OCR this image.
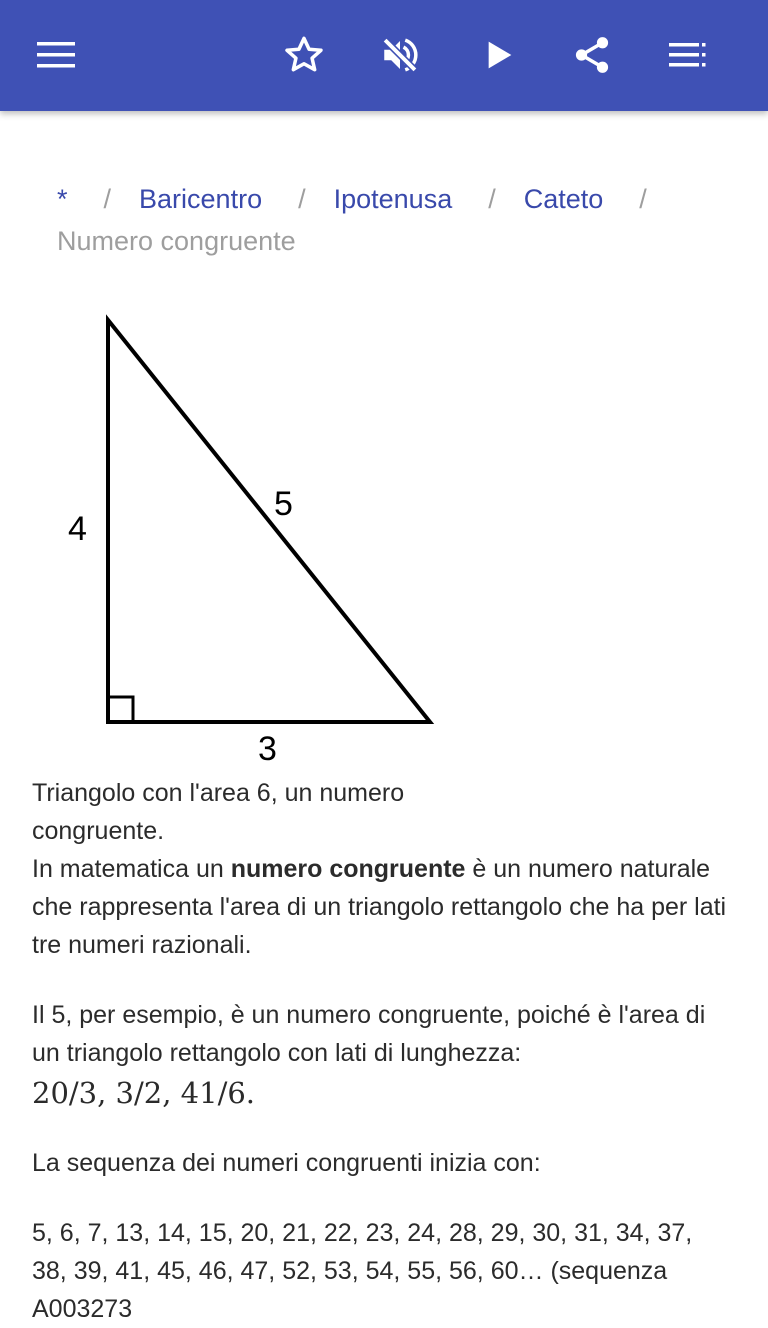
* / Baricentro / Ipotenusa / Cateto /
Numero congruente
4
5
3
Triangolo con l'area 6, un numero congruente.
In matematica un numero congruente è un numero naturale che rappresenta l'area di un triangolo rettangolo che ha per lati tre numeri razionali.
Il 5, per esempio, è un numero congruente, poiché è l'area di un triangolo rettangolo con lati di lunghezza:
20/3, 3/2, 41/6.
La sequenza dei numeri congruenti inizia con:
5, 6, 7, 13, 14, 15, 20, 21, 22, 23, 24, 28, 29, 30, 31, 34, 37, 38, 39, 41, 45, 46, 47, 52, 53, 54, 55, 56, 60… (sequenza A003273
